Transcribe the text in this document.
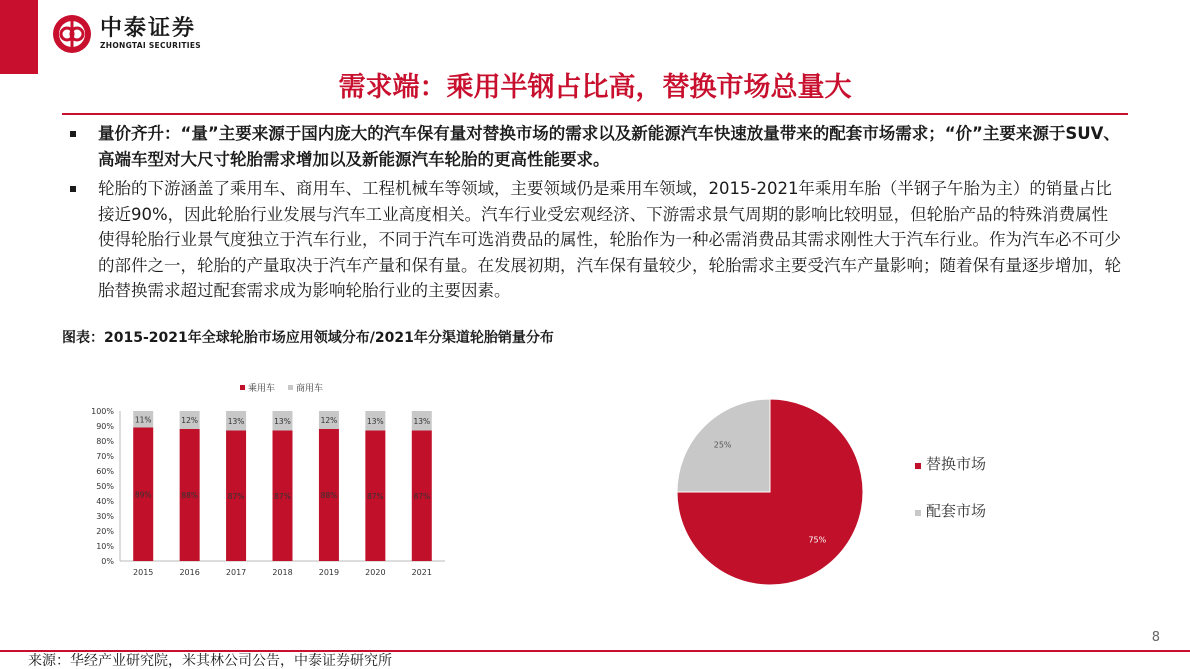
中泰证券
ZHONGTAI SECURITIES
需求端：乘用半钢占比高，替换市场总量大
量价齐升：“量”主要来源于国内庞大的汽车保有量对替换市场的需求以及新能源汽车快速放量带来的配套市场需求；“价”主要来源于SUV、高端车型对大尺寸轮胎需求增加以及新能源汽车轮胎的更高性能要求。
轮胎的下游涵盖了乘用车、商用车、工程机械车等领域，主要领域仍是乘用车领域，2015-2021年乘用车胎（半钢子午胎为主）的销量占比接近90%，因此轮胎行业发展与汽车工业高度相关。汽车行业受宏观经济、下游需求景气周期的影响比较明显，但轮胎产品的特殊消费属性使得轮胎行业景气度独立于汽车行业，不同于汽车可选消费品的属性，轮胎作为一种必需消费品其需求刚性大于汽车行业。作为汽车必不可少的部件之一，轮胎的产量取决于汽车产量和保有量。在发展初期，汽车保有量较少，轮胎需求主要受汽车产量影响；随着保有量逐步增加，轮胎替换需求超过配套需求成为影响轮胎行业的主要因素。
图表：2015-2021年全球轮胎市场应用领域分布/2021年分渠道轮胎销量分布
乘用车 商用车
0%
10%
20%
30%
40%
50%
60%
70%
80%
90%
100%
89%
11%
2015
88%
12%
2016
87%
13%
2017
87%
13%
2018
88%
12%
2019
87%
13%
2020
87%
13%
2021
75%
25%
替换市场
配套市场
8
来源：华经产业研究院，米其林公司公告，中泰证券研究所
